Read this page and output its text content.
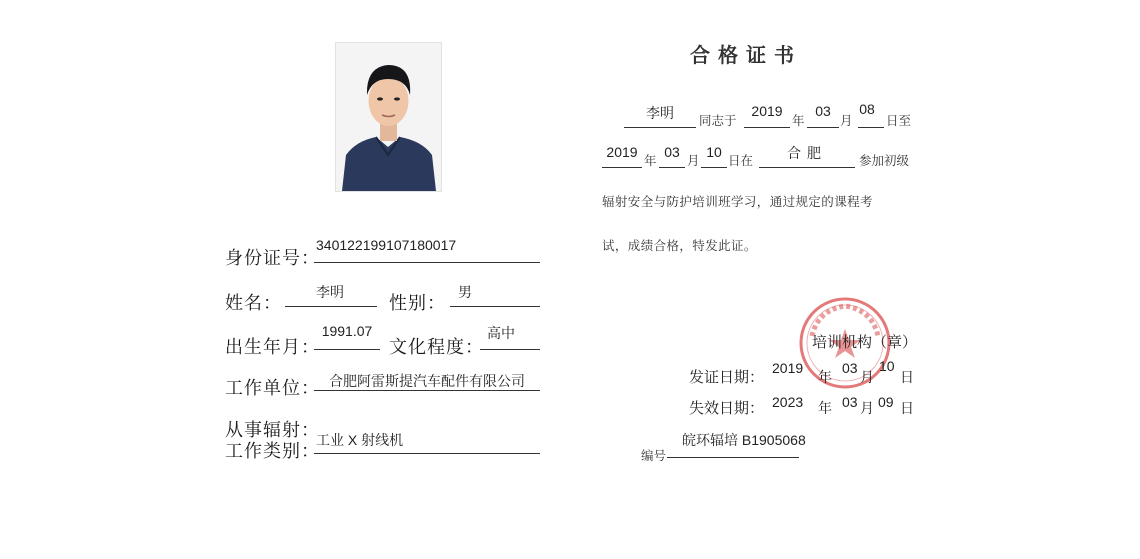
身份证号：
340122199107180017
姓名：
李明
性别：
男
出生年月：
1991.07
文化程度：
高中
工作单位： 合肥阿雷斯提汽车配件有限公司
从事辐射：
工作类别：
工业 X 射线机
合格证书
李明	同志于
2019
年
03
月
08
日至
2019
年
03
月
10
日在	合肥	参加初级
辐射安全与防护培训班学习，通过规定的课程考
试，成绩合格，特发此证。
培训机构（章）
发证日期： 2019
年
03
月
10
日
失效日期： 2023 年 03 月 09 日
皖环辐培 B1905068
编号
